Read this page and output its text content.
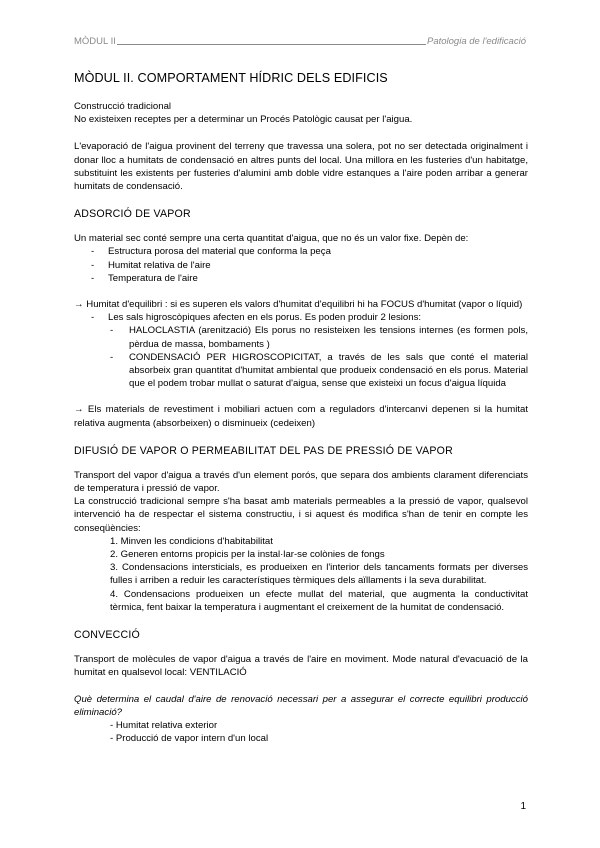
MÒDUL II	Patologia de l'edificació
MÒDUL II. COMPORTAMENT HÍDRIC DELS EDIFICIS

Construcció tradicional

No existeixen receptes per a determinar un Procés Patològic causat per l'aigua.

L'evaporació de l'aigua provinent del terreny que travessa una solera, pot no ser detectada originalment i donar lloc a humitats de condensació en altres punts del local. Una millora en les fusteries d'un habitatge, substituint les existents per fusteries d'alumini amb doble vidre estanques a l'aire poden arribar a generar humitats de condensació.

ADSORCIÓ DE VAPOR

Un material sec conté sempre una certa quantitat d'aigua, que no és un valor fixe. Depèn de:

- Estructura porosa del material que conforma la peça
- Humitat relativa de l'aire
- Temperatura de l'aire

→ Humitat d'equilibri : si es superen els valors d'humitat d'equilibri hi ha FOCUS d'humitat (vapor o líquid)

- Les sals higroscòpiques afecten en els porus. Es poden produir 2 lesions:
- HALOCLASTIA (arenització) Els porus no resisteixen les tensions internes (es formen pols, pèrdua de massa, bombaments )
- CONDENSACIÓ PER HIGROSCOPICITAT, a través de les sals que conté el material absorbeix gran quantitat d'humitat ambiental que produeix condensació en els porus. Material que el podem trobar mullat o saturat d'aigua, sense que existeixi un focus d'aigua líquida

→ Els materials de revestiment i mobiliari actuen com a reguladors d'intercanvi depenen si la humitat relativa augmenta (absorbeixen) o disminueix (cedeixen)

DIFUSIÓ DE VAPOR O PERMEABILITAT DEL PAS DE PRESSIÓ DE VAPOR

Transport del vapor d'aigua a través d'un element porós, que separa dos ambients clarament diferenciats de temperatura i pressió de vapor.

La construcció tradicional sempre s'ha basat amb materials permeables a la pressió de vapor, qualsevol intervenció ha de respectar el sistema constructiu, i si aquest és modifica s'han de tenir en compte les conseqüències:

1. Minven les condicions d'habitabilitat
2. Generen entorns propicis per la instal·lar-se colònies de fongs
3. Condensacions intersticials, es produeixen en l'interior dels tancaments formats per diverses fulles i arriben a reduir les característiques tèrmiques dels aïllaments i la seva durabilitat.
4. Condensacions produeixen un efecte mullat del material, que augmenta la conductivitat tèrmica, fent baixar la temperatura i augmentant el creixement de la humitat de condensació.
CONVECCIÓ

Transport de molècules de vapor d'aigua a través de l'aire en moviment. Mode natural d'evacuació de la humitat en qualsevol local: VENTILACIÓ

Què determina el caudal d'aire de renovació necessari per a assegurar el correcte equilibri producció eliminació?

- Humitat relativa exterior
- Producció de vapor intern d'un local
1
